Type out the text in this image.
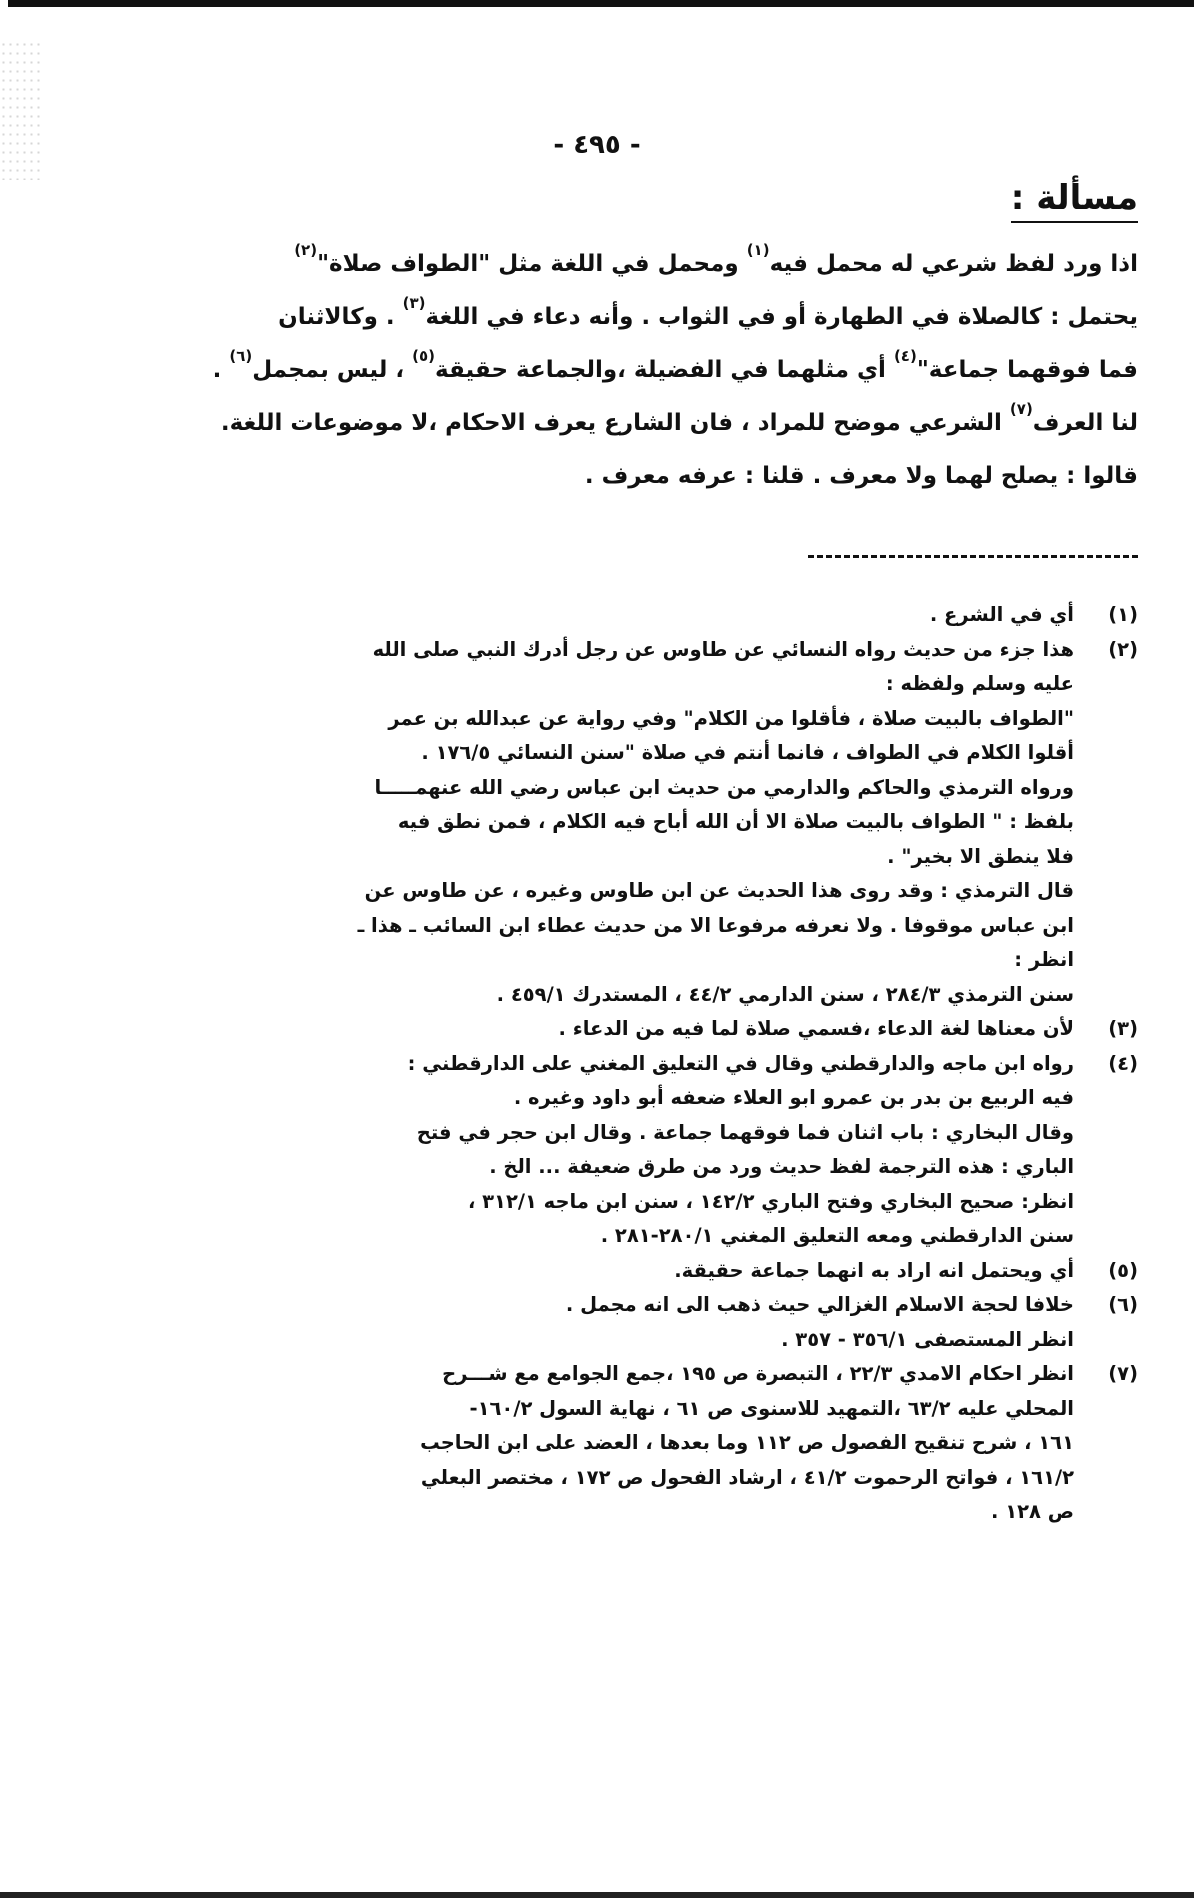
- ٤٩٥ -
مسألة :

اذا ورد لفظ شرعي له محمل فيه$^{(١)}$ ومحمل في اللغة مثل "الطواف صلاة"$^{(٢)}$

يحتمل : كالصلاة في الطهارة أو في الثواب . وأنه دعاء في اللغة$^{(٣)}$ . وكالاثنان

فما فوقهما جماعة"$^{(٤)}$ أي مثلهما في الفضيلة ،والجماعة حقيقة$^{(٥)}$ ، ليس بمجمل$^{(٦)}$ .

لنا العرف$^{(٧)}$ الشرعي موضح للمراد ، فان الشارع يعرف الاحكام ،لا موضوعات اللغة.

قالوا : يصلح لهما ولا معرف . قلنا : عرفه معرف .

(١)
أي في الشرع .
(٢)
هذا جزء من حديث رواه النسائي عن طاوس عن رجل أدرك النبي صلى الله
عليه وسلم ولفظه :
"الطواف بالبيت صلاة ، فأقلوا من الكلام" وفي رواية عن عبدالله بن عمر
أقلوا الكلام في الطواف ، فانما أنتم في صلاة "سنن النسائي ١٧٦/٥ .
ورواه الترمذي والحاكم والدارمي من حديث ابن عباس رضي الله عنهمـــــا
بلفظ : " الطواف بالبيت صلاة الا أن الله أباح فيه الكلام ، فمن نطق فيه
فلا ينطق الا بخير" .
قال الترمذي : وقد روى هذا الحديث عن ابن طاوس وغيره ، عن طاوس عن
ابن عباس موقوفا . ولا نعرفه مرفوعا الا من حديث عطاء ابن السائب ـ هذا ـ
انظر :
سنن الترمذي ٢٨٤/٣ ، سنن الدارمي ٤٤/٢ ، المستدرك ٤٥٩/١ .
(٣)
لأن معناها لغة الدعاء ،فسمي صلاة لما فيه من الدعاء .
(٤)
رواه ابن ماجه والدارقطني وقال في التعليق المغني على الدارقطني :
فيه الربيع بن بدر بن عمرو ابو العلاء ضعفه أبو داود وغيره .
وقال البخاري : باب اثنان فما فوقهما جماعة . وقال ابن حجر في فتح
الباري : هذه الترجمة لفظ حديث ورد من طرق ضعيفة ... الخ .
انظر: صحيح البخاري وفتح الباري ١٤٢/٢ ، سنن ابن ماجه ٣١٢/١ ،
سنن الدارقطني ومعه التعليق المغني ٢٨٠/١-٢٨١ .
(٥)
أي ويحتمل انه اراد به انهما جماعة حقيقة.
(٦)
خلافا لحجة الاسلام الغزالي حيث ذهب الى انه مجمل .
انظر المستصفى ٣٥٦/١ - ٣٥٧ .
(٧)
انظر احكام الامدي ٢٢/٣ ، التبصرة ص ١٩٥ ،جمع الجوامع مع شـــرح
المحلي عليه ٦٣/٢ ،التمهيد للاسنوى ص ٦١ ، نهاية السول ١٦٠/٢-
١٦١ ، شرح تنقيح الفصول ص ١١٢ وما بعدها ، العضد على ابن الحاجب
١٦١/٢ ، فواتح الرحموت ٤١/٢ ، ارشاد الفحول ص ١٧٢ ، مختصر البعلي
ص ١٢٨ .
